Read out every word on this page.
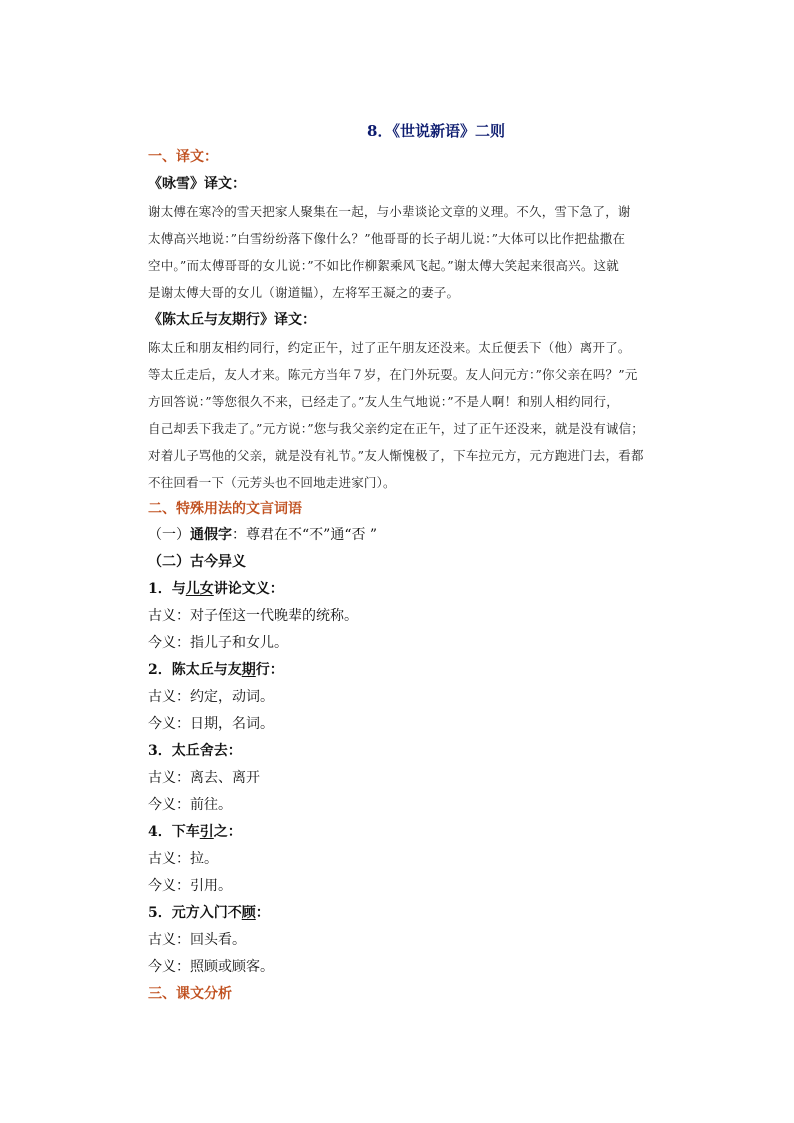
8．《世说新语》二则
一、译文：
《咏雪》译文：
谢太傅在寒冷的雪天把家人聚集在一起，与小辈谈论文章的义理。不久，雪下急了，谢
太傅高兴地说：”白雪纷纷落下像什么？”他哥哥的长子胡儿说：”大体可以比作把盐撒在
空中。”而太傅哥哥的女儿说：”不如比作柳絮乘风飞起。”谢太傅大笑起来很高兴。这就
是谢太傅大哥的女儿（谢道韫），左将军王凝之的妻子。
《陈太丘与友期行》译文：
陈太丘和朋友相约同行，约定正午，过了正午朋友还没来。太丘便丢下（他）离开了。
等太丘走后，友人才来。陈元方当年７岁，在门外玩耍。友人问元方：”你父亲在吗？”元
方回答说：”等您很久不来，已经走了。”友人生气地说：”不是人啊！和别人相约同行，
自己却丢下我走了。”元方说：”您与我父亲约定在正午，过了正午还没来，就是没有诚信；
对着儿子骂他的父亲，就是没有礼节。”友人惭愧极了，下车拉元方，元方跑进门去，看都
不往回看一下（元芳头也不回地走进家门）。
二、特殊用法的文言词语
（一）通假字：尊君在不“不”通“否 ”
（二）古今异义
1．与儿女讲论文义：
古义：对子侄这一代晚辈的统称。
今义：指儿子和女儿。
2．陈太丘与友期行：
古义：约定，动词。
今义：日期，名词。
3．太丘舍去：
古义：离去、离开
今义：前往。
4．下车引之：
古义：拉。
今义：引用。
5．元方入门不顾：
古义：回头看。
今义：照顾或顾客。
三、课文分析
